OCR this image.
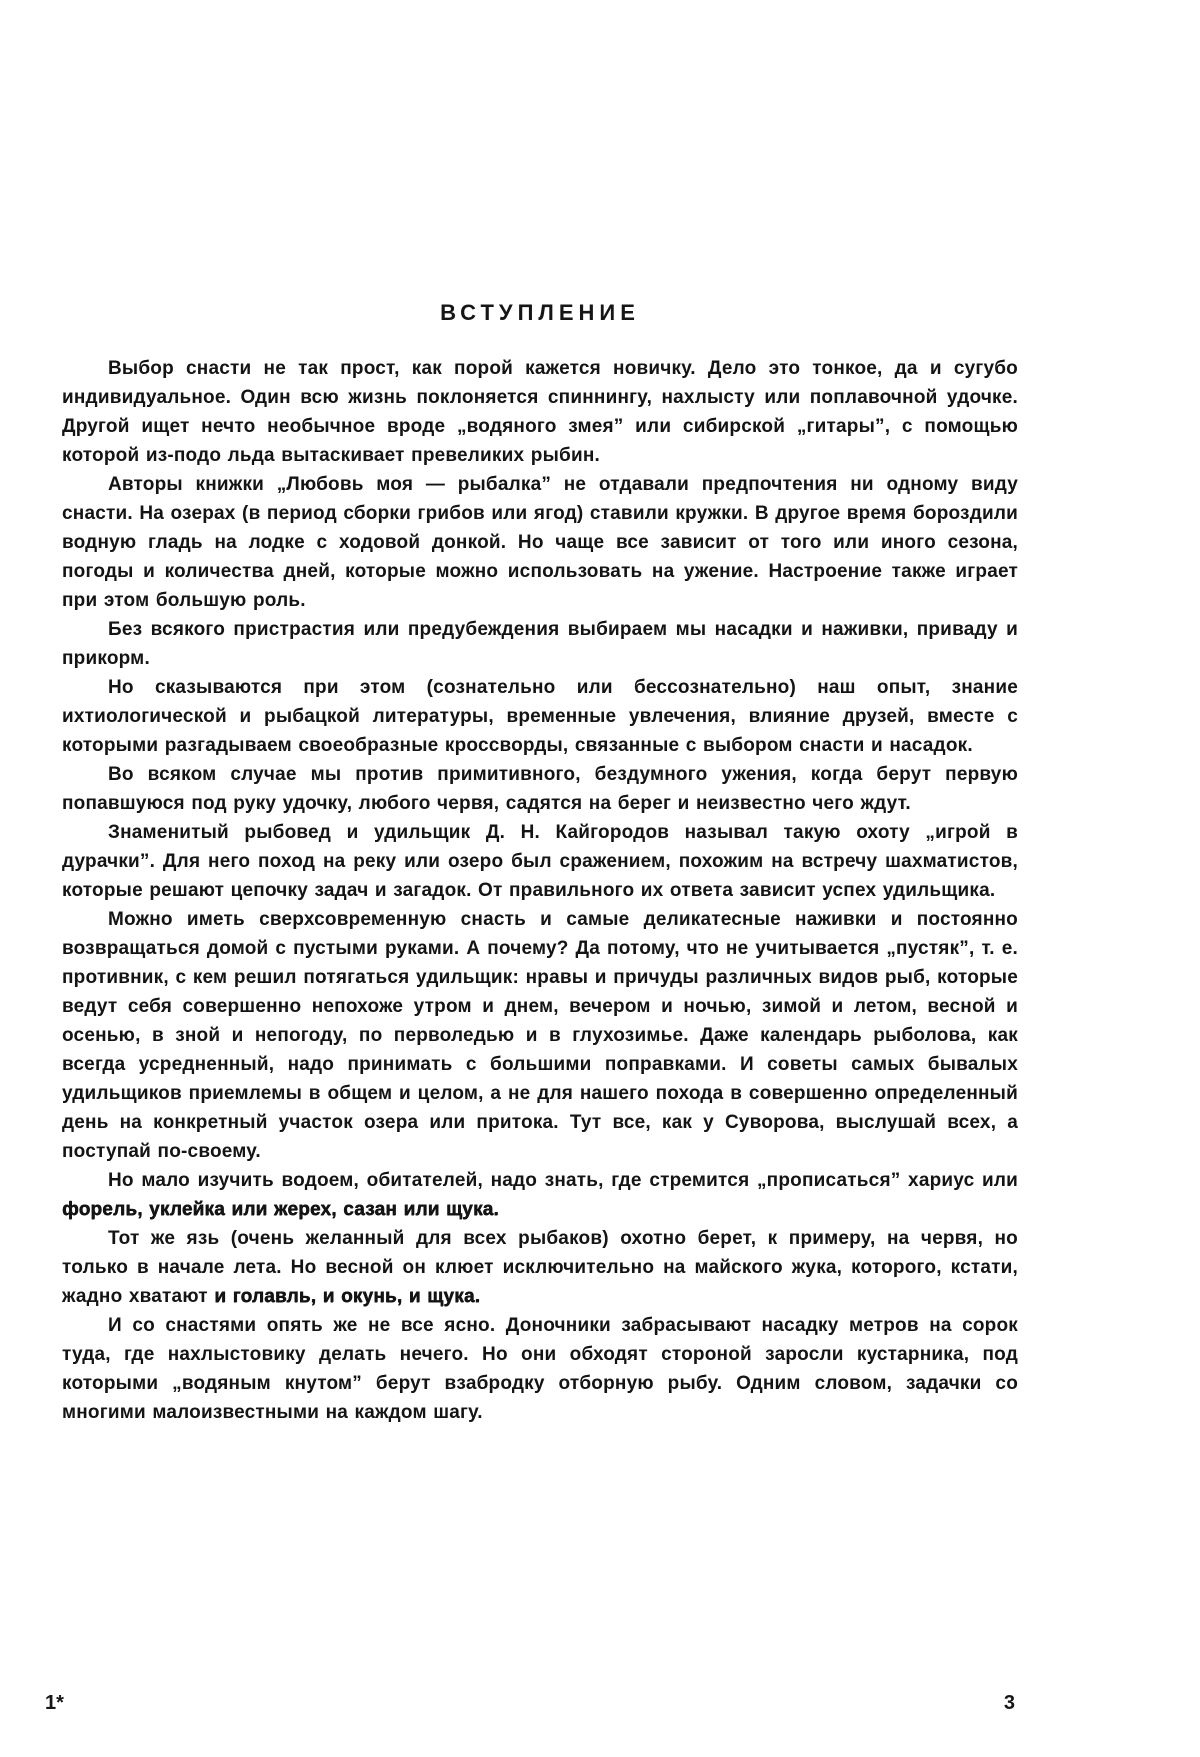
ВСТУПЛЕНИЕ

Выбор снасти не так прост, как порой кажется новичку. Дело это тонкое, да и сугубо индивидуальное. Один всю жизнь поклоняется спиннингу, нахлысту или поплавочной удочке. Другой ищет нечто необычное вроде „водяного змея” или сибирской „гитары”, с помощью которой из-подо льда вытаскивает превеликих рыбин.

Авторы книжки „Любовь моя — рыбалка” не отдавали предпочтения ни одному виду снасти. На озерах (в период сборки грибов или ягод) ставили кружки. В другое время бороздили водную гладь на лодке с ходовой донкой. Но чаще все зависит от того или иного сезона, погоды и количества дней, которые можно использовать на ужение. Настроение также играет при этом большую роль.

Без всякого пристрастия или предубеждения выбираем мы насадки и наживки, приваду и прикорм.

Но сказываются при этом (сознательно или бессознательно) наш опыт, знание ихтиологической и рыбацкой литературы, временные увлечения, влияние друзей, вместе с которыми разгадываем своеобразные кроссворды, связанные с выбором снасти и насадок.

Во всяком случае мы против примитивного, бездумного ужения, когда берут первую попавшуюся под руку удочку, любого червя, садятся на берег и неизвестно чего ждут.

Знаменитый рыбовед и удильщик Д. Н. Кайгородов называл такую охоту „игрой в дурачки”. Для него поход на реку или озеро был сражением, похожим на встречу шахматистов, которые решают цепочку задач и загадок. От правильного их ответа зависит успех удильщика.

Можно иметь сверхсовременную снасть и самые деликатесные наживки и постоянно возвращаться домой с пустыми руками. А почему? Да потому, что не учитывается „пустяк”, т. е. противник, с кем решил потягаться удильщик: нравы и причуды различных видов рыб, которые ведут себя совершенно непохоже утром и днем, вечером и ночью, зимой и летом, весной и осенью, в зной и непогоду, по перволедью и в глухозимье. Даже календарь рыболова, как всегда усредненный, надо принимать с большими поправками. И советы самых бывалых удильщиков приемлемы в общем и целом, а не для нашего похода в совершенно определенный день на конкретный участок озера или притока. Тут все, как у Суворова, выслушай всех, а поступай по-своему.

Но мало изучить водоем, обитателей, надо знать, где стремится „прописаться” хариус или форель, уклейка или жерех, сазан или щука.

Тот же язь (очень желанный для всех рыбаков) охотно берет, к примеру, на червя, но только в начале лета. Но весной он клюет исключительно на майского жука, которого, кстати, жадно хватают и голавль, и окунь, и щука.

И со снастями опять же не все ясно. Доночники забрасывают насадку метров на сорок туда, где нахлыстовику делать нечего. Но они обходят стороной заросли кустарника, под которыми „водяным кнутом” берут взабродку отборную рыбу. Одним словом, задачки со многими малоизвестными на каждом шагу.

1*	3
